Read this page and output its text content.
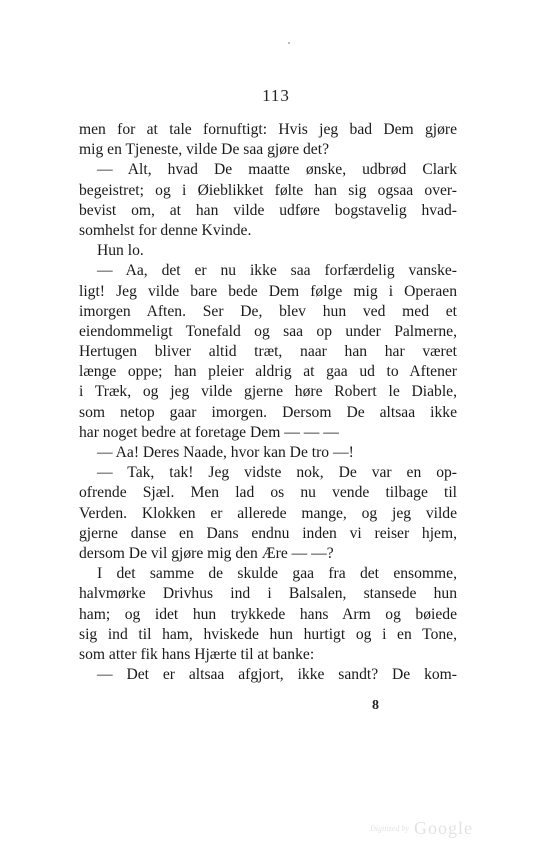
113
men for at tale fornuftigt: Hvis jeg bad Dem gjøre
mig en Tjeneste, vilde De saa gjøre det?
— Alt, hvad De maatte ønske, udbrød Clark
begeistret; og i Øieblikket følte han sig ogsaa over-
bevist om, at han vilde udføre bogstavelig hvad-
somhelst for denne Kvinde.
Hun lo.
— Aa, det er nu ikke saa forfærdelig vanske-
ligt! Jeg vilde bare bede Dem følge mig i Operaen
imorgen Aften. Ser De, blev hun ved med et
eiendommeligt Tonefald og saa op under Palmerne,
Hertugen bliver altid træt, naar han har været
længe oppe; han pleier aldrig at gaa ud to Aftener
i Træk, og jeg vilde gjerne høre Robert le Diable,
som netop gaar imorgen. Dersom De altsaa ikke
har noget bedre at foretage Dem — — —
— Aa! Deres Naade, hvor kan De tro —!
— Tak, tak! Jeg vidste nok, De var en op-
ofrende Sjæl. Men lad os nu vende tilbage til
Verden. Klokken er allerede mange, og jeg vilde
gjerne danse en Dans endnu inden vi reiser hjem,
dersom De vil gjøre mig den Ære — —?
I det samme de skulde gaa fra det ensomme,
halvmørke Drivhus ind i Balsalen, stansede hun
ham; og idet hun trykkede hans Arm og bøiede
sig ind til ham, hviskede hun hurtigt og i en Tone,
som atter fik hans Hjærte til at banke:
— Det er altsaa afgjort, ikke sandt? De kom-
8
Digitized by Google
